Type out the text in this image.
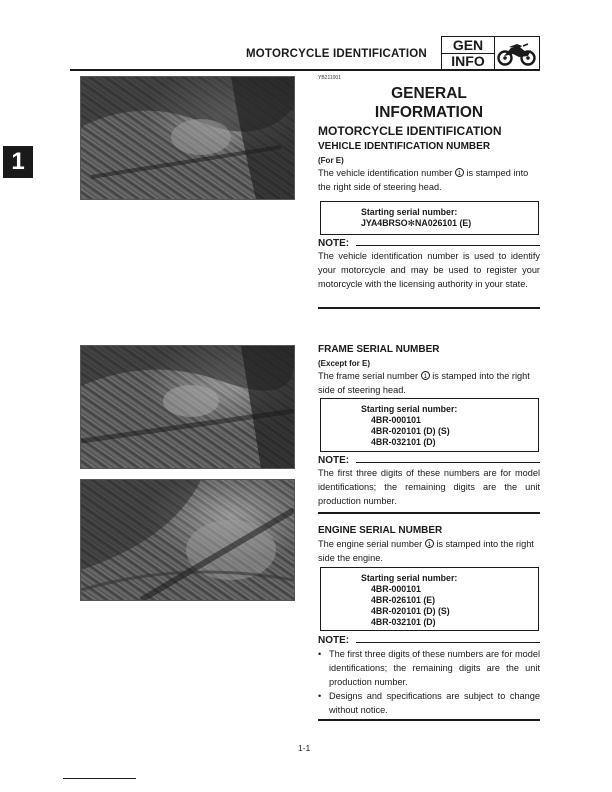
MOTORCYCLE IDENTIFICATION
GEN
INFO
1
YB211001
GENERAL
INFORMATION
MOTORCYCLE IDENTIFICATION
VEHICLE IDENTIFICATION NUMBER
(For E)
The vehicle identification number 1 is stamped into the right side of steering head.
Starting serial number:
JYA4BRSO✻NA026101 (E)
NOTE:
The vehicle identification number is used to identify your motorcycle and may be used to register your motorcycle with the licensing authority in your state.
FRAME SERIAL NUMBER
(Except for E)
The frame serial number 1 is stamped into the right side of steering head.
Starting serial number:
4BR-000101
4BR-020101 (D) (S)
4BR-032101 (D)
NOTE:
The first three digits of these numbers are for model identifications; the remaining digits are the unit production number.
ENGINE SERIAL NUMBER
The engine serial number 1 is stamped into the right side the engine.
Starting serial number:
4BR-000101
4BR-026101 (E)
4BR-020101 (D) (S)
4BR-032101 (D)
NOTE:
• The first three digits of these numbers are for model identifications; the remaining digits are the unit production number.
• Designs and specifications are subject to change without notice.
1-1
